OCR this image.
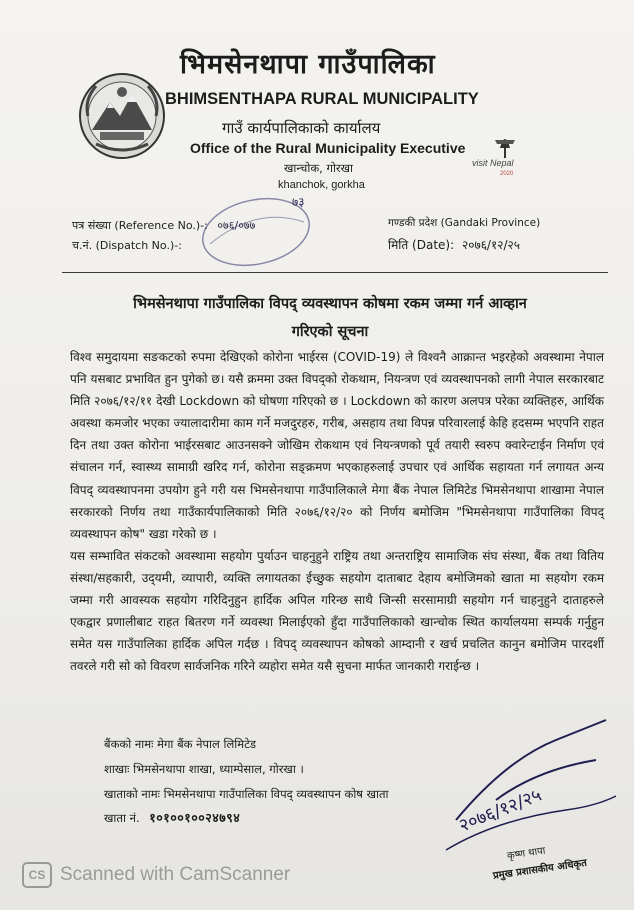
visit Nepal
2020
भिमसेनथापा गाउँपालिका
BHIMSENTHAPA RURAL MUNICIPALITY
गाउँ कार्यपालिकाको कार्यालय
Office of the Rural Municipality Executive
खान्चोक, गोरखा
khanchok, gorkha
७३
पत्र संख्या (Reference No.)-: ०७६/०७७
च.नं. (Dispatch No.)-:
गण्डकी प्रदेश (Gandaki Province)
मिति (Date): २०७६/१२/२५
भिमसेनथापा गाउँपालिका विपद् व्यवस्थापन कोषमा रकम जम्मा गर्न आव्हान
गरिएको सूचना

विश्व समुदायमा सङकटको रुपमा देखिएको कोरोना भाईरस (COVID-19) ले विश्वनै आक्रान्त भइरहेको अवस्थामा नेपाल पनि यसबाट प्रभावित हुन पुगेको छ। यसै क्रममा उक्त विपद्‌को रोकथाम, नियन्त्रण एवं व्यवस्थापनको लागी नेपाल सरकारबाट मिति २०७६/१२/११ देखी Lockdown को घोषणा गरिएको छ । Lockdown को कारण अलपत्र परेका व्यक्तिहरु, आर्थिक अवस्था कमजोर भएका ज्यालादारीमा काम गर्ने मजदुरहरु, गरीब, असहाय तथा विपन्न परिवारलाई केहि हदसम्म भएपनि राहत दिन तथा उक्त कोरोना भाईरसबाट आउनसक्ने जोखिम रोकथाम एवं नियन्त्रणको पूर्व तयारी स्वरुप क्वारेन्टाईन निर्माण एवं संचालन गर्न, स्वास्थ्य सामाग्री खरिद गर्न, कोरोना सङ्क्रमण भएकाहरुलाई उपचार एवं आर्थिक सहायता गर्न लगायत अन्य विपद् व्यवस्थापनमा उपयोग हुने गरी यस भिमसेनथापा गाउँपालिकाले मेगा बैंक नेपाल लिमिटेड भिमसेनथापा शाखामा नेपाल सरकारको निर्णय तथा गाउँकार्यपालिकाको मिति २०७६/१२/२० को निर्णय बमोजिम "भिमसेनथापा गाउँपालिका विपद् व्यवस्थापन कोष" खडा गरेको छ ।

यस सम्भावित संकटको अवस्थामा सहयोग पुर्याउन चाहनुहुने राष्ट्रिय तथा अन्तराष्ट्रिय सामाजिक संघ संस्था, बैंक तथा वितिय संस्था/सहकारी, उद्‌यमी, व्यापारी, व्यक्ति लगायतका ईच्छुक सहयोग दाताबाट देहाय बमोजिमको खाता मा सहयोग रकम जम्मा गरी आवस्यक सहयोग गरिदिनुहुन हार्दिक अपिल गरिन्छ साथै जिन्सी सरसामाग्री सहयोग गर्न चाहनुहुने दाताहरुले एकद्वार प्रणालीबाट राहत बितरण गर्ने व्यवस्था मिलाईएको हुँदा गाउँपालिकाको खान्चोक स्थित कार्यालयमा सम्पर्क गर्नुहुन समेत यस गाउँपालिका हार्दिक अपिल गर्दछ । विपद् व्यवस्थापन कोषको आम्दानी र खर्च प्रचलित कानुन बमोजिम पारदर्शी तवरले गरी सो को विवरण सार्वजनिक गरिने व्यहोरा समेत यसै सुचना मार्फत जानकारी गराईन्छ ।

बैंकको नामः मेगा बैंक नेपाल लिमिटेड
शाखाः भिमसेनथापा शाखा, ध्याम्पेसाल, गोरखा ।
खाताको नामः भिमसेनथापा गाउँपालिका विपद् व्यवस्थापन कोष खाता
खाता नं. १०१००१००२४७९४	२०७६/१२/२५
कृष्ण थापा
प्रमुख प्रशासकीय अधिकृत
CS Scanned with CamScanner
